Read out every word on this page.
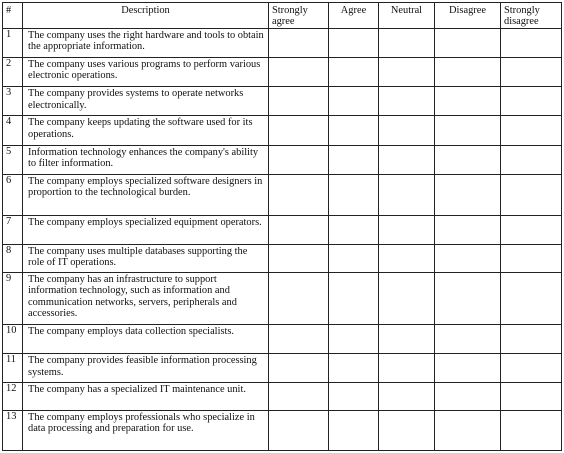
#	Description	Strongly agree	Agree	Neutral	Disagree	Strongly disagree
1	The company uses the right hardware and tools to obtain the appropriate information.					
2	The company uses various programs to perform various electronic operations.					
3	The company provides systems to operate networks electronically.					
4	The company keeps updating the software used for its operations.					
5	Information technology enhances the company's ability to filter information.					
6	The company employs specialized software designers in proportion to the technological burden.					
7	The company employs specialized equipment operators.					
8	The company uses multiple databases supporting the role of IT operations.					
9	The company has an infrastructure to support information technology, such as information and communication networks, servers, peripherals and accessories.					
10	The company employs data collection specialists.					
11	The company provides feasible information processing systems.					
12	The company has a specialized IT maintenance unit.					
13	The company employs professionals who specialize in data processing and preparation for use.					
